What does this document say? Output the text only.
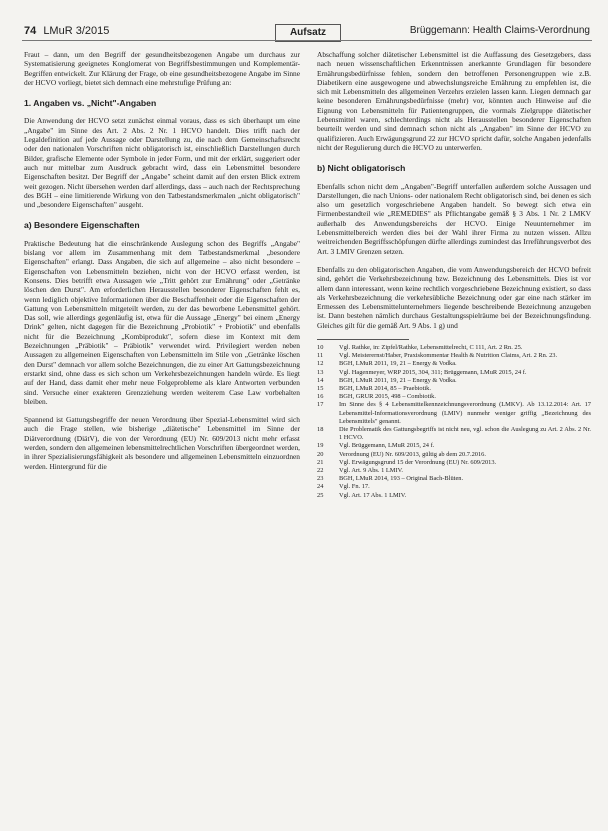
74 LMuR 3/2015	Aufsatz	Brüggemann: Health Claims-Verordnung

Fraut – dann, um den Begriff der gesundheitsbezogenen Angabe um durchaus zur Systematisierung geeignetes Konglomerat von Begriffsbestimmungen und Komplementär-Begriffen entwickelt. Zur Klärung der Frage, ob eine gesundheitsbezogene Angabe im Sinne der HCVO vorliegt, bietet sich demnach eine mehrstufige Prüfung an:

1. Angaben vs. „Nicht"-Angaben

Die Anwendung der HCVO setzt zunächst einmal voraus, dass es sich überhaupt um eine „Angabe" im Sinne des Art. 2 Abs. 2 Nr. 1 HCVO handelt. Dies trifft nach der Legaldefinition auf jede Aussage oder Darstellung zu, die nach dem Gemeinschaftsrecht oder den nationalen Vorschriften nicht obligatorisch ist, einschließlich Darstellungen durch Bilder, grafische Elemente oder Symbole in jeder Form, und mit der erklärt, suggeriert oder auch nur mittelbar zum Ausdruck gebracht wird, dass ein Lebensmittel besondere Eigenschaften besitzt. Der Begriff der „Angabe" scheint damit auf den ersten Blick extrem weit gezogen. Nicht übersehen werden darf allerdings, dass – auch nach der Rechtsprechung des BGH – eine limitierende Wirkung von den Tatbestandsmerkmalen „nicht obligatorisch" und „besondere Eigenschaften" ausgeht.

a) Besondere Eigenschaften

Praktische Bedeutung hat die einschränkende Auslegung schon des Begriffs „Angabe" bislang vor allem im Zusammenhang mit dem Tatbestandsmerkmal „besondere Eigenschaften" erlangt. Dass Angaben, die sich auf allgemeine – also nicht besondere – Eigenschaften von Lebensmitteln beziehen, nicht von der HCVO erfasst werden, ist Konsens. Dies betrifft etwa Aussagen wie „Tritt gehört zur Ernährung" oder „Getränke löschen den Durst". Am erforderlichen Herausstellen besonderer Eigenschaften fehlt es, wenn lediglich objektive Informationen über die Beschaffenheit oder die Eigenschaften der Gattung von Lebensmitteln mitgeteilt werden, zu der das beworbene Lebensmittel gehört. Das soll, wie allerdings gegenläufig ist, etwa für die Aussage „Energy" bei einem „Energy Drink" gelten, nicht dagegen für die Bezeichnung „Probiotik" + Probiotik" und ebenfalls nicht für die Bezeichnung „Kombiprodukt", sofern diese im Kontext mit dem Bezeichnungen „Präbiotik" – Präbiotik" verwendet wird. Privilegiert werden neben Aussagen zu allgemeinen Eigenschaften von Lebensmitteln im Stile von „Getränke löschen den Durst" demnach vor allem solche Bezeichnungen, die zu einer Art Gattungsbezeichnung erstarkt sind, ohne dass es sich schon um Verkehrsbezeichnungen handeln würde. Es liegt auf der Hand, dass damit eher mehr neue Folgeprobleme als klare Antworten verbunden sind. Versuche einer exakteren Grenzziehung werden weiterem Case Law vorbehalten bleiben.

Spannend ist Gattungsbegriffe der neuen Verordnung über Spezial-Lebensmittel wird sich auch die Frage stellen, wie bisherige „diätetische" Lebensmittel im Sinne der Diätverordnung (DiätV), die von der Verordnung (EU) Nr. 609/2013 nicht mehr erfasst werden, sondern den allgemeinen lebensmittelrechtlichen Vorschriften übergeordnet werden, in ihrer Spezialisierungsfähigkeit als besondere und allgemeinen Lebensmitteln einzuordnen werden. Hintergrund für die

Abschaffung solcher diätetischer Lebensmittel ist die Auffassung des Gesetzgebers, dass nach neuen wissenschaftlichen Erkenntnissen anerkannte Grundlagen für besondere Ernährungsbedürfnisse fehlen, sondern den betroffenen Personengruppen wie z.B. Diabetikern eine ausgewogene und abwechslungsreiche Ernährung zu empfehlen ist, die sich mit Lebensmitteln des allgemeinen Verzehrs erzielen lassen kann. Liegen demnach gar keine besonderen Ernährungsbedürfnisse (mehr) vor, könnten auch Hinweise auf die Eignung von Lebensmitteln für Patientengruppen, die vormals Zielgruppe diätetischer Lebensmittel waren, schlechterdings nicht als Herausstellen besonderer Eigenschaften beurteilt werden und sind demnach schon nicht als „Angaben" im Sinne der HCVO zu qualifizieren. Auch Erwägungsgrund 22 zur HCVO spricht dafür, solche Angaben jedenfalls nicht der Regulierung durch die HCVO zu unterwerfen.

b) Nicht obligatorisch

Ebenfalls schon nicht dem „Angaben"-Begriff unterfallen außerdem solche Aussagen und Darstellungen, die nach Unions- oder nationalem Recht obligatorisch sind, bei denen es sich also um gesetzlich vorgeschriebene Angaben handelt. So bewegt sich etwa ein Firmenbestandteil wie „REMEDIES" als Pflichtangabe gemäß § 3 Abs. 1 Nr. 2 LMKV außerhalb des Anwendungsbereichs der HCVO. Einige Neuunternehmer im Lebensmittelbereich werden dies bei der Wahl ihrer Firma zu nutzen wissen. Allzu weitreichenden Begriffsschöpfungen dürfte allerdings zumindest das Irreführungsverbot des Art. 3 LMIV Grenzen setzen.

Ebenfalls zu den obligatorischen Angaben, die vom Anwendungsbereich der HCVO befreit sind, gehört die Verkehrsbezeichnung bzw. Bezeichnung des Lebensmittels. Dies ist vor allem dann interessant, wenn keine rechtlich vorgeschriebene Bezeichnung existiert, so dass als Verkehrsbezeichnung die verkehrsübliche Bezeichnung oder gar eine nach stärker im Ermessen des Lebensmittelunternehmers liegende beschreibende Bezeichnung anzugeben ist. Dann bestehen nämlich durchaus Gestaltungsspielräume bei der Bezeichnungsfindung. Gleiches gilt für die gemäß Art. 9 Abs. 1 g) und

10	Vgl. Rathke, in: Zipfel/Rathke, Lebensmittelrecht, C 111, Art. 2 Rn. 25.
11	Vgl. Meisterernst/Haber, Praxiskommentar Health & Nutrition Claims, Art. 2 Rn. 23.
12	BGH, LMuR 2011, 19, 21 – Energy & Vodka.
13	Vgl. Hagenmeyer, WRP 2015, 304, 311; Brüggemann, LMuR 2015, 24 f.
14	BGH, LMuR 2011, 19, 21 – Energy & Vodka.
15	BGH, LMuR 2014, 85 – Praebiotik.
16	BGH, GRUR 2015, 498 – Combiotik.
17	Im Sinne des § 4 Lebensmittelkennzeichnungsverordnung (LMKV). Ab 13.12.2014: Art. 17 Lebensmittel-Informationsverordnung (LMIV) nunmehr weniger griffig „Bezeichnung des Lebensmittels" genannt.
18	Die Problematik des Gattungsbegriffs ist nicht neu, vgl. schon die Auslegung zu Art. 2 Abs. 2 Nr. 1 HCVO.
19	Vgl. Brüggemann, LMuR 2015, 24 f.
20	Verordnung (EU) Nr. 609/2013, gültig ab dem 20.7.2016.
21	Vgl. Erwägungsgrund 15 der Verordnung (EU) Nr. 609/2013.
22	Vgl. Art. 9 Abs. 1 LMIV.
23	BGH, LMuR 2014, 193 – Original Bach-Blüten.
24	Vgl. Fn. 17.
25	Vgl. Art. 17 Abs. 1 LMIV.
